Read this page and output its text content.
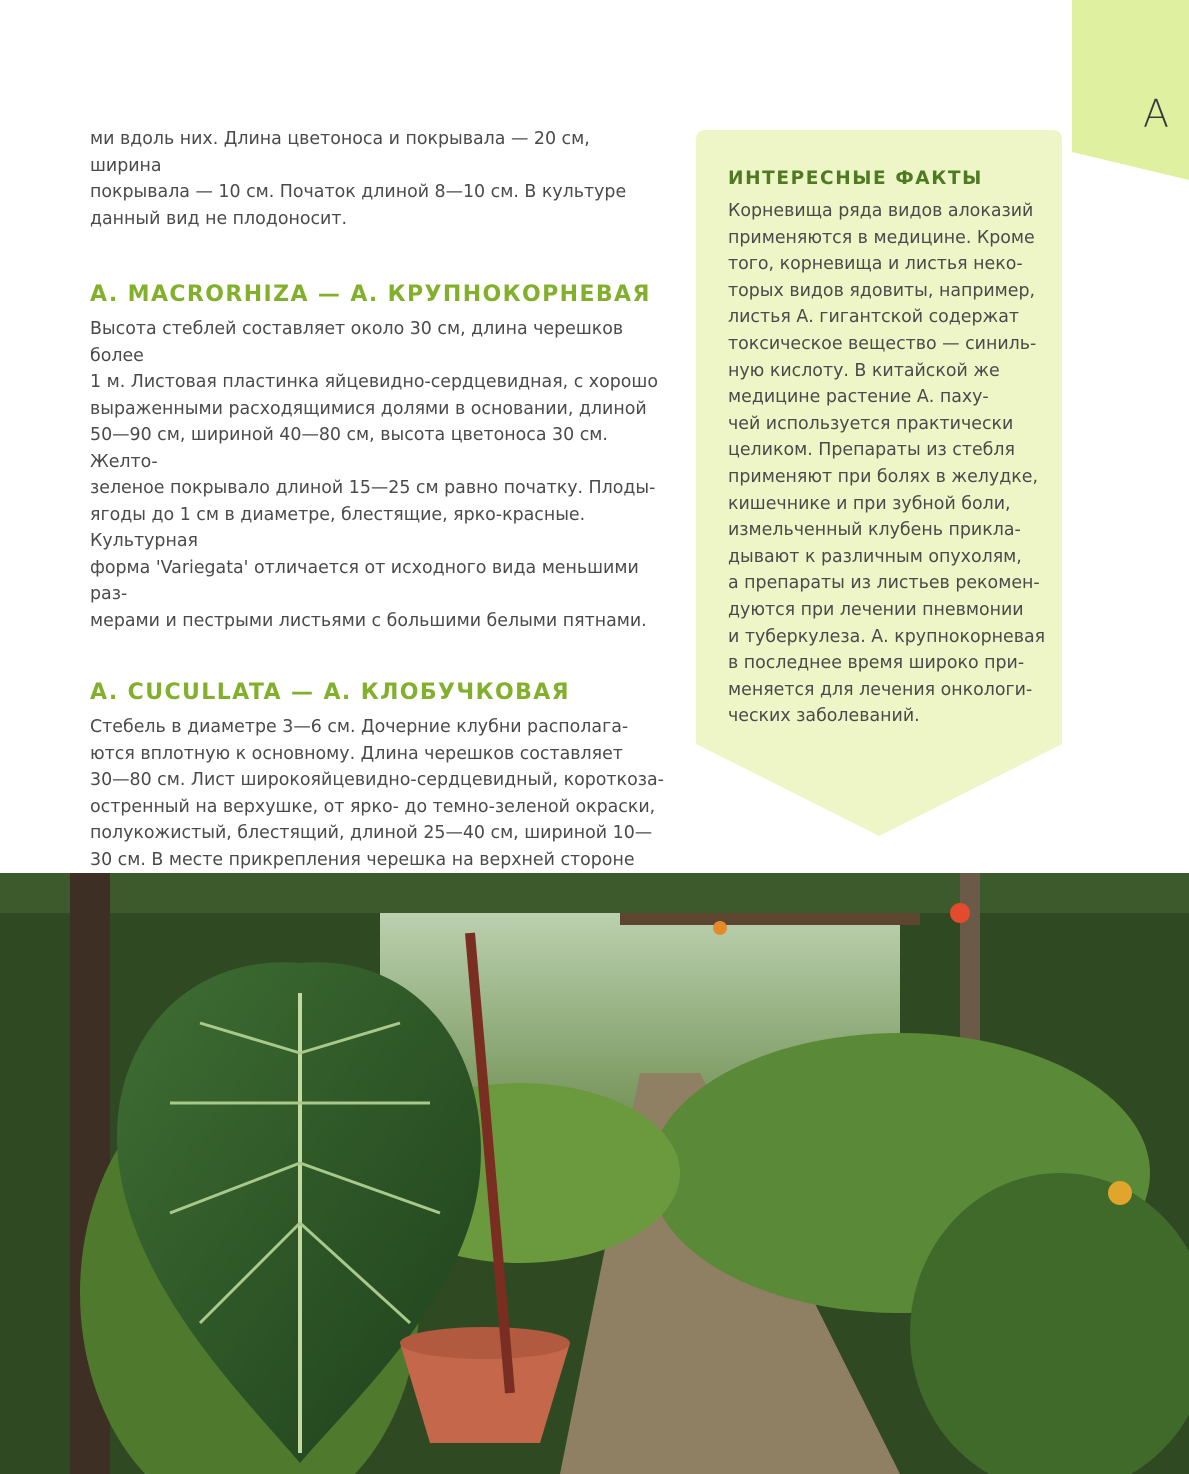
А

ми вдоль них. Длина цветоноса и покрывала — 20 см, ширина
покрывала — 10 см. Початок длиной 8—10 см. В культуре
данный вид не плодоносит.

A. MACRORHIZA — А. КРУПНОКОРНЕВАЯ

Высота стеблей составляет около 30 см, длина черешков более
1 м. Листовая пластинка яйцевидно-сердцевидная, с хорошо
выраженными расходящимися долями в основании, длиной
50—90 см, шириной 40—80 см, высота цветоноса 30 см. Желто-
зеленое покрывало длиной 15—25 см равно початку. Плоды-
ягоды до 1 см в диаметре, блестящие, ярко-красные. Культурная
форма 'Variegata' отличается от исходного вида меньшими раз-
мерами и пестрыми листьями с большими белыми пятнами.

A. CUCULLATA — А. КЛОБУЧКОВАЯ

Стебель в диаметре 3—6 см. Дочерние клубни располага-
ются вплотную к основному. Длина черешков составляет
30—80 см. Лист широкояйцевидно-сердцевидный, короткоза-
остренный на верхушке, от ярко- до темно-зеленой окраски,
полукожистый, блестящий, длиной 25—40 см, шириной 10—
30 см. В месте прикрепления черешка на верхней стороне

ИНТЕРЕСНЫЕ ФАКТЫ

Корневища ряда видов алоказий
применяются в медицине. Кроме
того, корневища и листья неко-
торых видов ядовиты, например,
листья А. гигантской содержат
токсическое вещество — синиль-
ную кислоту. В китайской же
медицине растение А. паху-
чей используется практически
целиком. Препараты из стебля
применяют при болях в желудке,
кишечнике и при зубной боли,
измельченный клубень прикла-
дывают к различным опухолям,
а препараты из листьев рекомен-
дуются при лечении пневмонии
и туберкулеза. А. крупнокорневая
в последнее время широко при-
меняется для лечения онкологи-
ческих заболеваний.
